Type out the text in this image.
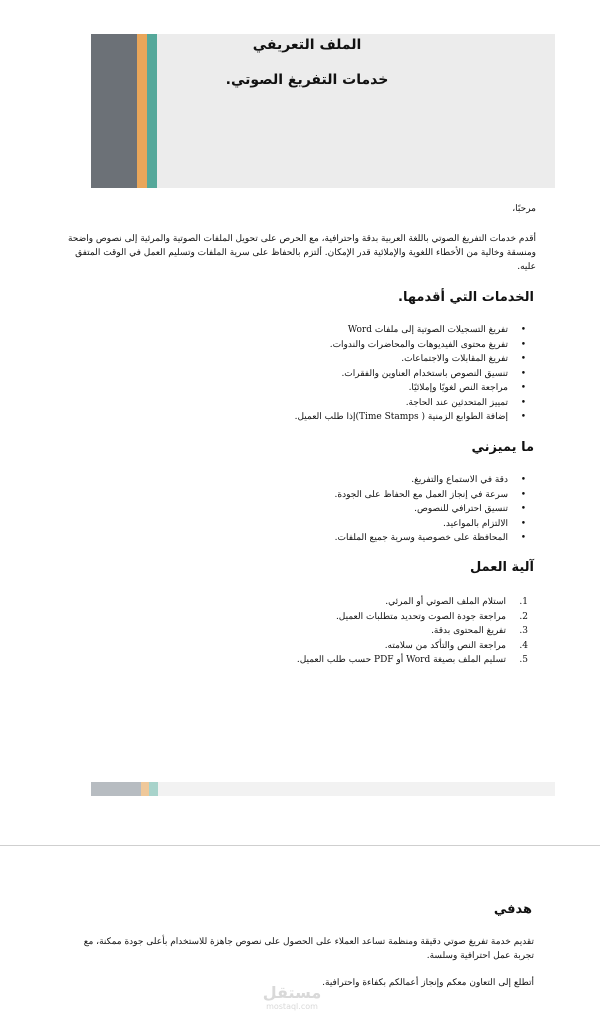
الملف التعريفي
خدمات التفريغ الصوتي.
مرحبًا،

أقدم خدمات التفريغ الصوتي باللغة العربية بدقة واحترافية، مع الحرص على تحويل الملفات الصوتية والمرئية إلى نصوص واضحة ومنسقة وخالية من الأخطاء اللغوية والإملائية قدر الإمكان. ألتزم بالحفاظ على سرية الملفات وتسليم العمل في الوقت المتفق عليه.

الخدمات التي أقدمها.
• تفريغ التسجيلات الصوتية إلى ملفات Word
• تفريغ محتوى الفيديوهات والمحاضرات والندوات.
• تفريغ المقابلات والاجتماعات.
• تنسيق النصوص باستخدام العناوين والفقرات.
• مراجعة النص لغويًا وإملائيًا.
• تمييز المتحدثين عند الحاجة.
• إضافة الطوابع الزمنية ( Time Stamps)إذا طلب العميل.
ما يميزني
• دقة في الاستماع والتفريغ.
• سرعة في إنجاز العمل مع الحفاظ على الجودة.
• تنسيق احترافي للنصوص.
• الالتزام بالمواعيد.
• المحافظة على خصوصية وسرية جميع الملفات.
آلية العمل
1.
استلام الملف الصوتي أو المرئي.
2.
مراجعة جودة الصوت وتحديد متطلبات العميل.
3.
تفريغ المحتوى بدقة.
4.
مراجعة النص والتأكد من سلامته.
5.
تسليم الملف بصيغة Word أو PDF حسب طلب العميل.
هدفي

تقديم خدمة تفريغ صوتي دقيقة ومنظمة تساعد العملاء على الحصول على نصوص جاهزة للاستخدام بأعلى جودة ممكنة، مع تجربة عمل احترافية وسلسة.

أتطلع إلى التعاون معكم وإنجاز أعمالكم بكفاءة واحترافية.
مستقل
mostaql.com
